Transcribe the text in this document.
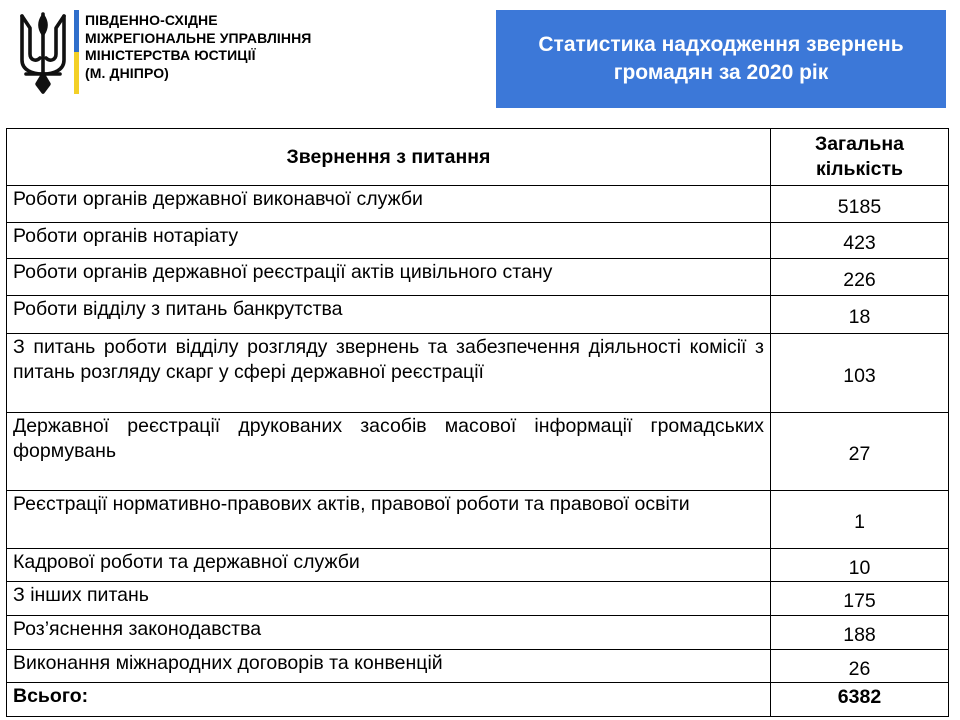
ПІВДЕННО-СХІДНЕ
МІЖРЕГІОНАЛЬНЕ УПРАВЛІННЯ
МІНІСТЕРСТВА ЮСТИЦІЇ
(М. ДНІПРО)
Статистика надходження звернень
громадян за 2020 рік
Звернення з питання	Загальна
кількість

Роботи органів державної виконавчої служби	5185
Роботи органів нотаріату	423
Роботи органів державної реєстрації актів цивільного стану	226
Роботи відділу з питань банкрутства	18
З питань роботи відділу розгляду звернень та забезпечення діяльності комісії з питань розгляду скарг у сфері державної реєстрації	103
Державної реєстрації друкованих засобів масової інформації громадських формувань	27
Реєстрації нормативно-правових актів, правової роботи та правової освіти	1
Кадрової роботи та державної служби	10
З інших питань	175
Роз’яснення законодавства	188
Виконання міжнародних договорів та конвенцій	26
Всього:	6382
